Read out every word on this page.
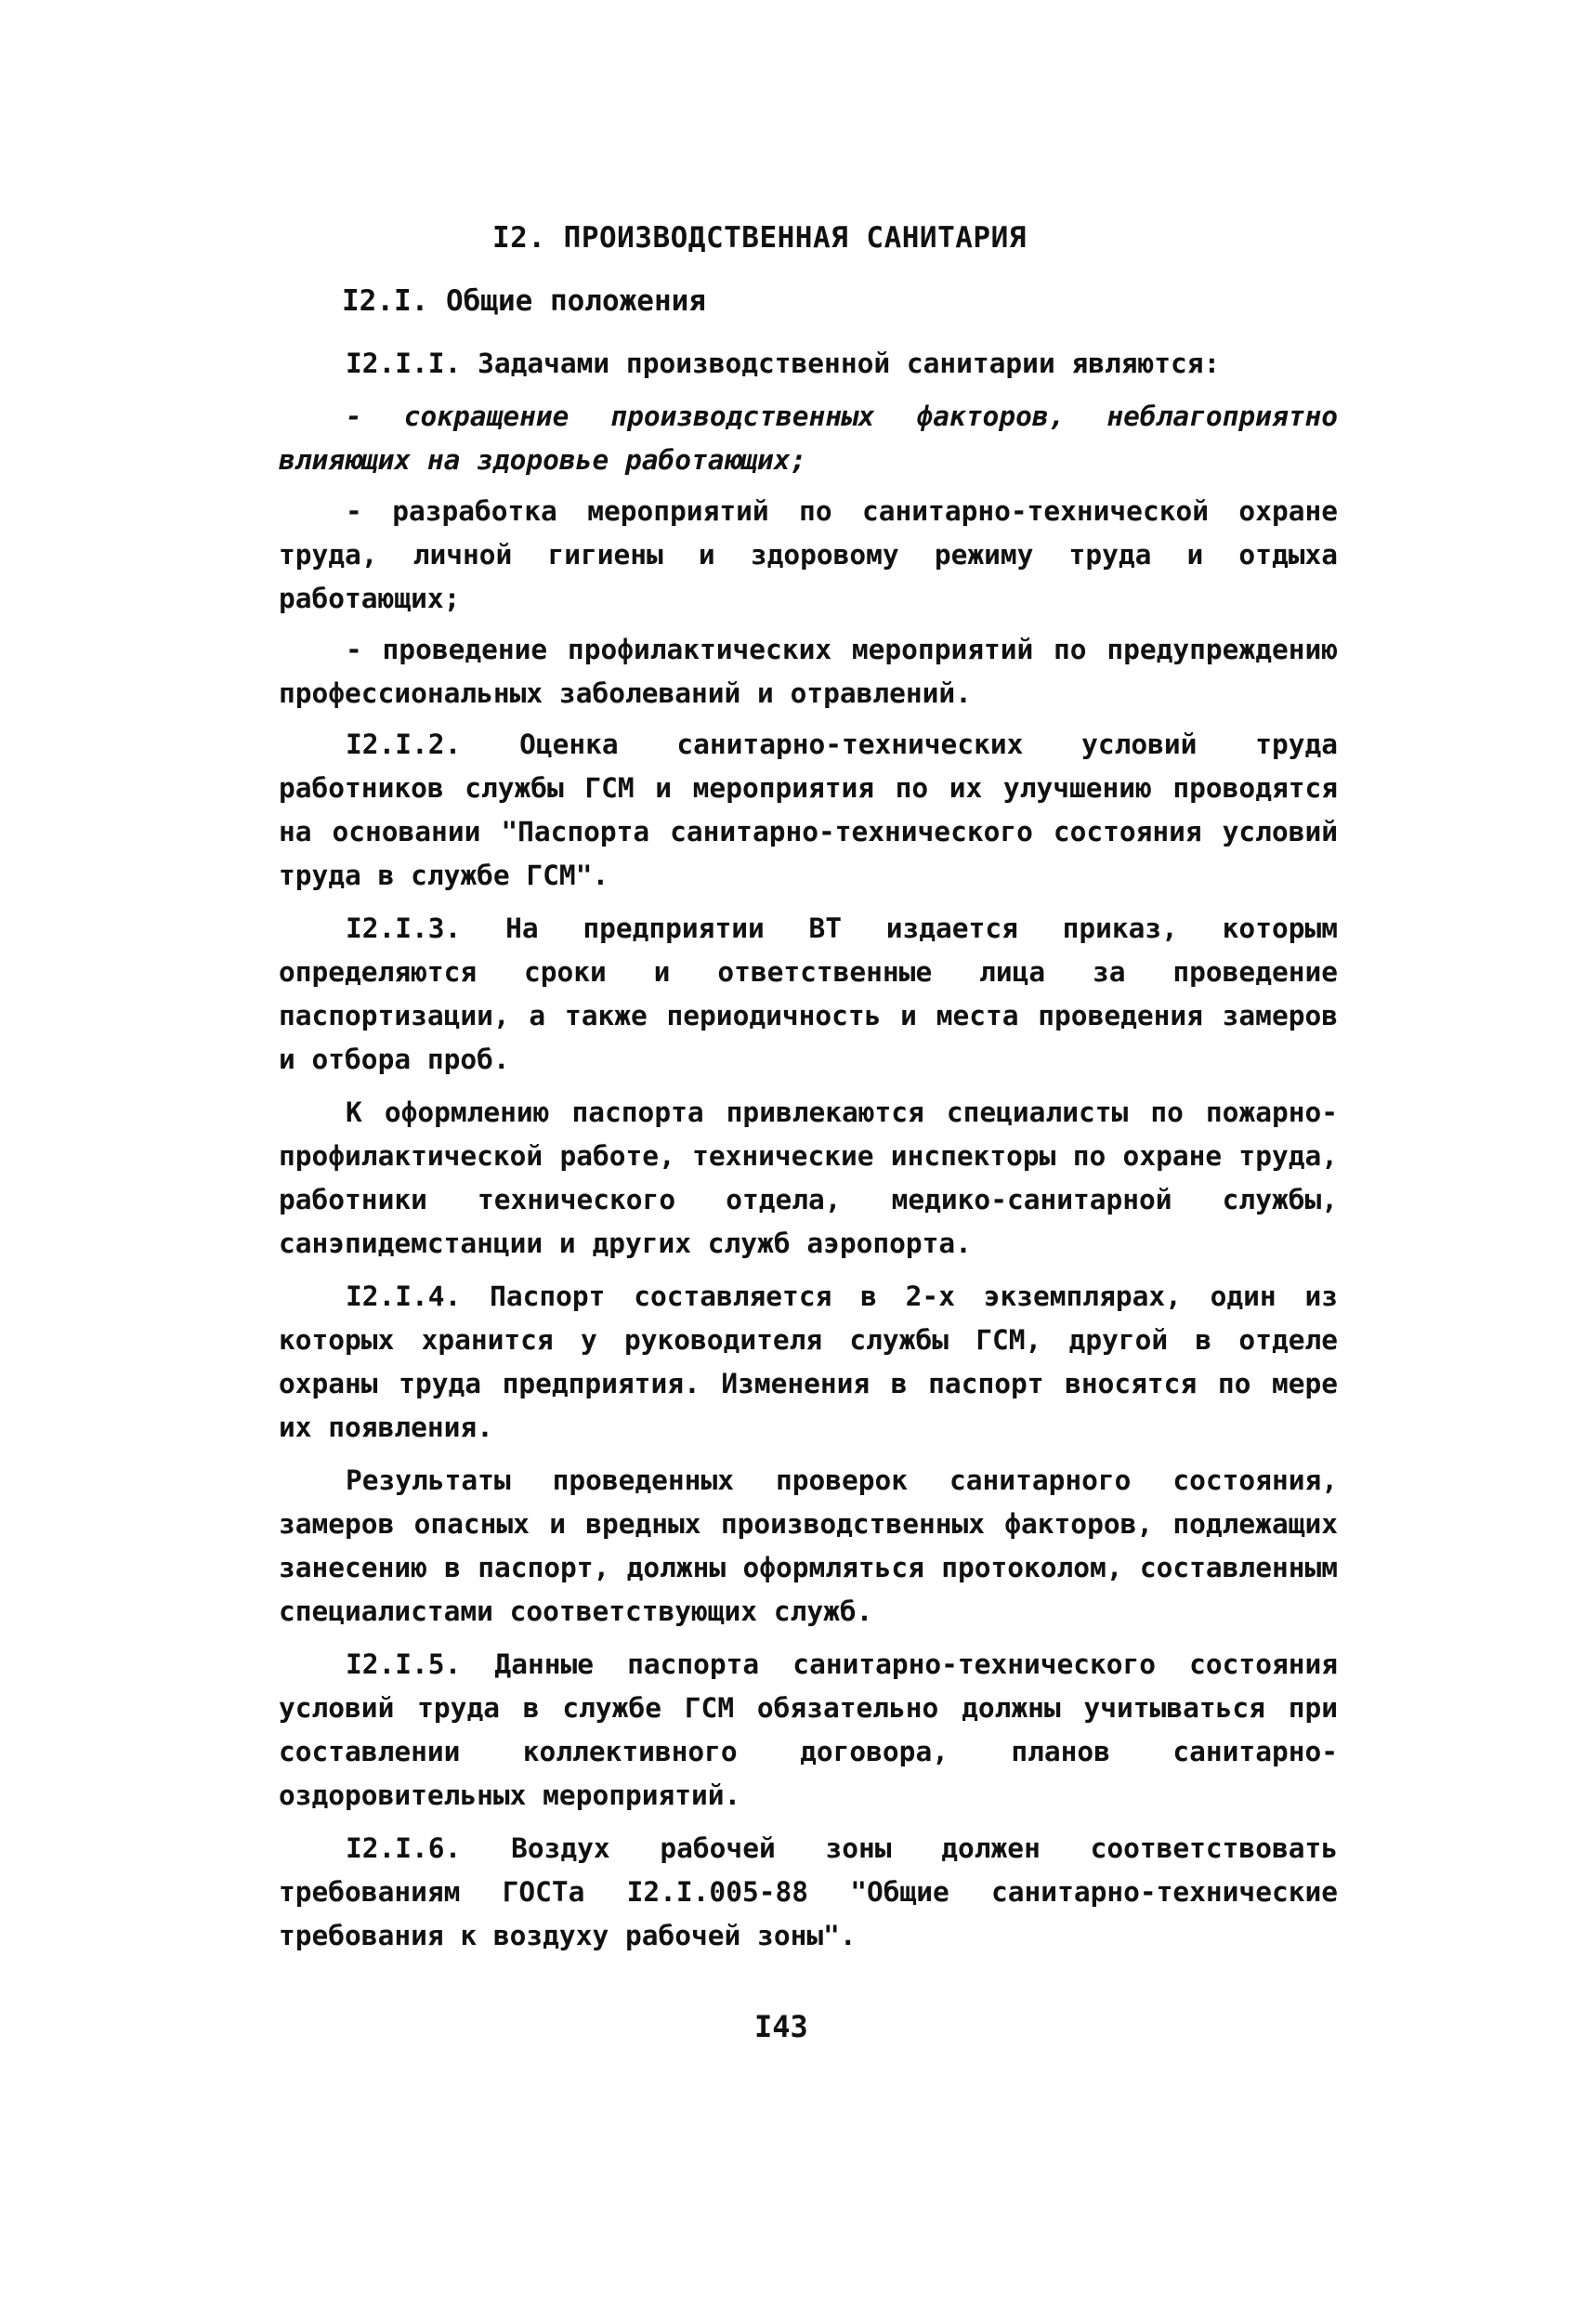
I2. ПРОИЗВОДСТВЕННАЯ САНИТАРИЯ
I2.I. Общие положения

I2.I.I. Задачами производственной санитарии являются:

- сокращение производственных факторов, неблагоприятно влияющих на здоровье работающих;

- разработка мероприятий по санитарно-технической охране труда, личной гигиены и здоровому режиму труда и отдыха работающих;

- проведение профилактических мероприятий по предупреждению профессиональных заболеваний и отравлений.

I2.I.2. Оценка санитарно-технических условий труда работников службы ГСМ и мероприятия по их улучшению проводятся на основании "Паспорта санитарно-технического состояния условий труда в службе ГСМ".

I2.I.3. На предприятии ВТ издается приказ, которым определяются сроки и ответственные лица за проведение паспортизации, а также периодичность и места проведения замеров и отбора проб.

К оформлению паспорта привлекаются специалисты по пожарно-профилактической работе, технические инспекторы по охране труда, работники технического отдела, медико-санитарной службы, санэпидемстанции и других служб аэропорта.

I2.I.4. Паспорт составляется в 2-х экземплярах, один из которых хранится у руководителя службы ГСМ, другой в отделе охраны труда предприятия. Изменения в паспорт вносятся по мере их появления.

Результаты проведенных проверок санитарного состояния, замеров опасных и вредных производственных факторов, подлежащих занесению в паспорт, должны оформляться протоколом, составленным специалистами соответствующих служб.

I2.I.5. Данные паспорта санитарно-технического состояния условий труда в службе ГСМ обязательно должны учитываться при составлении коллективного договора, планов санитарно-оздоровительных мероприятий.

I2.I.6. Воздух рабочей зоны должен соответствовать требованиям ГОСТа I2.I.005-88 "Общие санитарно-технические требования к воздуху рабочей зоны".

I43
